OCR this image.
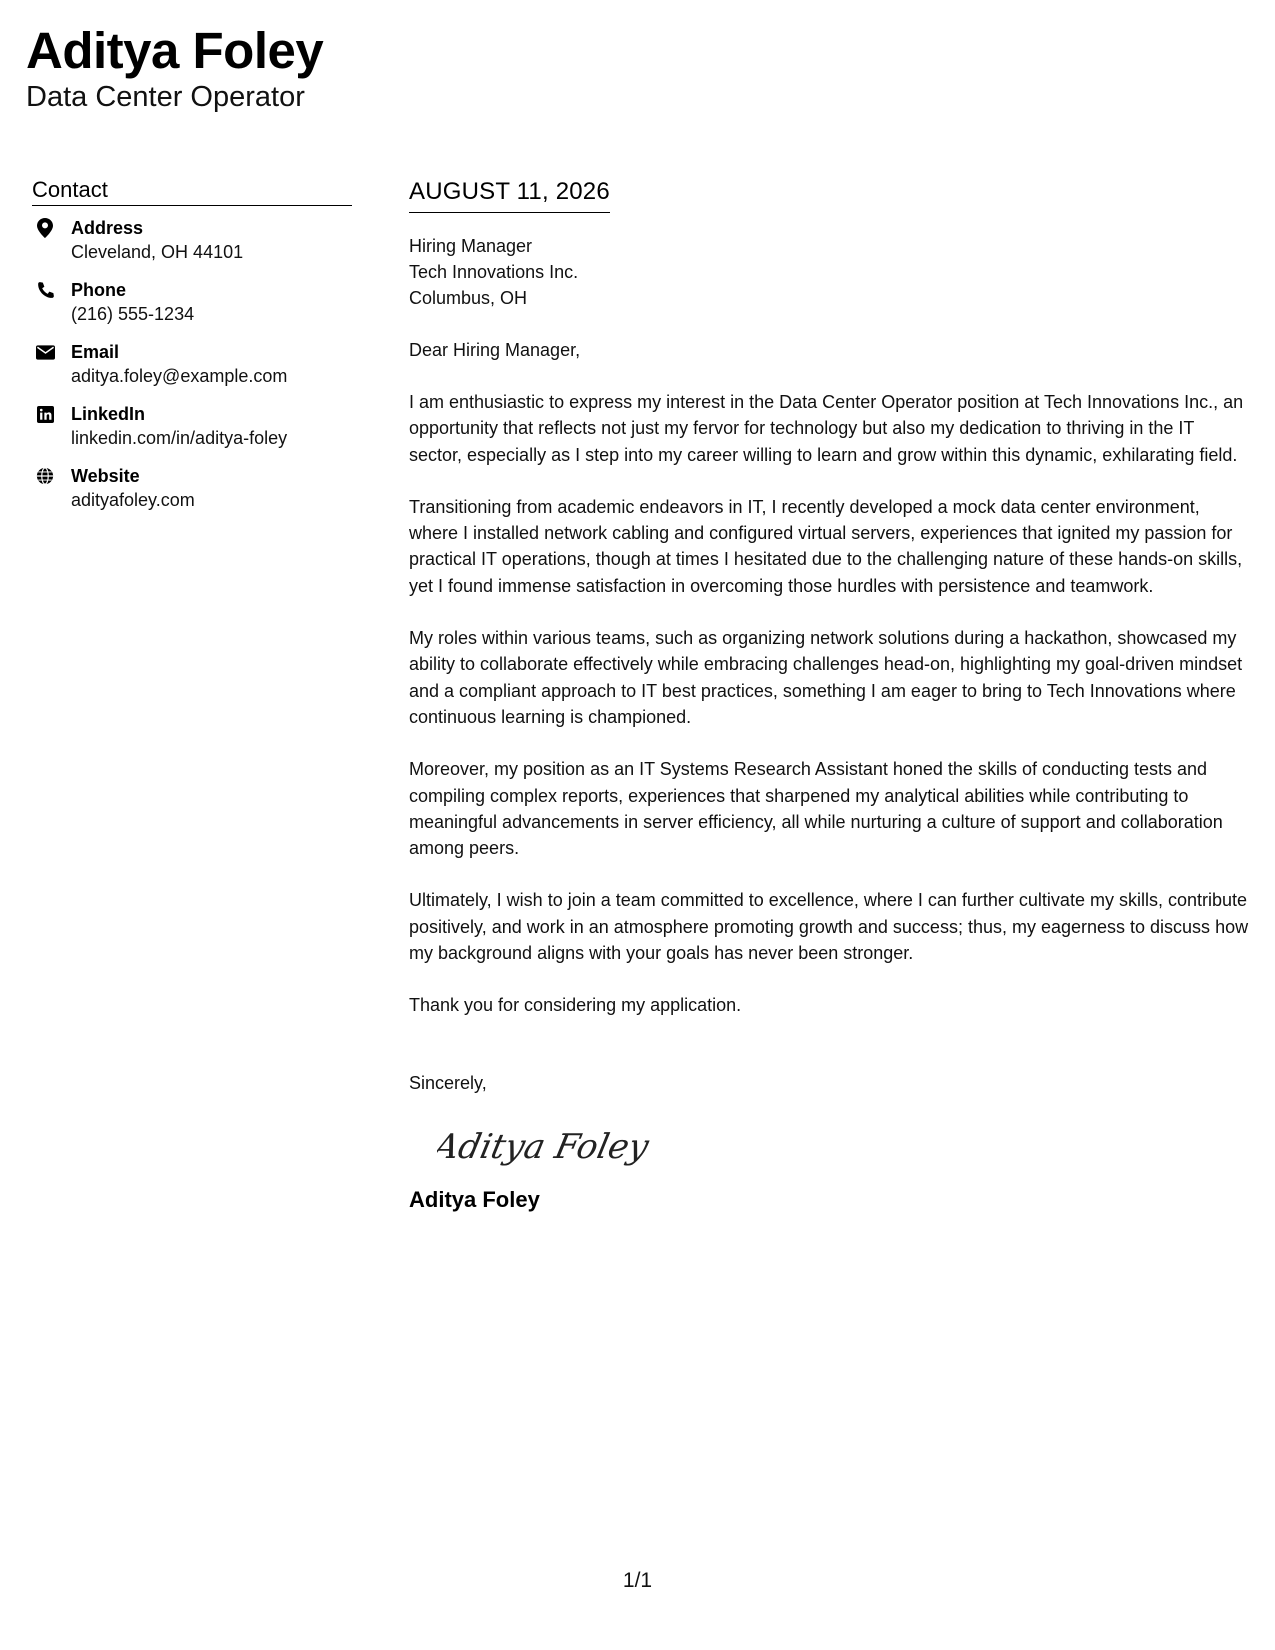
Aditya Foley
Data Center Operator
Contact
Address
Cleveland, OH 44101
Phone
(216) 555-1234
Email
aditya.foley@example.com
LinkedIn
linkedin.com/in/aditya-foley
Website
adityafoley.com
AUGUST 11, 2026
Hiring Manager
Tech Innovations Inc.
Columbus, OH
Dear Hiring Manager,
I am enthusiastic to express my interest in the Data Center Operator position at Tech Innovations Inc., an opportunity that reflects not just my fervor for technology but also my dedication to thriving in the IT sector, especially as I step into my career willing to learn and grow within this dynamic, exhilarating field.
Transitioning from academic endeavors in IT, I recently developed a mock data center environment, where I installed network cabling and configured virtual servers, experiences that ignited my passion for practical IT operations, though at times I hesitated due to the challenging nature of these hands-on skills, yet I found immense satisfaction in overcoming those hurdles with persistence and teamwork.
My roles within various teams, such as organizing network solutions during a hackathon, showcased my ability to collaborate effectively while embracing challenges head-on, highlighting my goal-driven mindset and a compliant approach to IT best practices, something I am eager to bring to Tech Innovations where continuous learning is championed.
Moreover, my position as an IT Systems Research Assistant honed the skills of conducting tests and compiling complex reports, experiences that sharpened my analytical abilities while contributing to meaningful advancements in server efficiency, all while nurturing a culture of support and collaboration among peers.
Ultimately, I wish to join a team committed to excellence, where I can further cultivate my skills, contribute positively, and work in an atmosphere promoting growth and success; thus, my eagerness to discuss how my background aligns with your goals has never been stronger.
Thank you for considering my application.
Sincerely,
Aditya Foley
Aditya Foley
1/1
